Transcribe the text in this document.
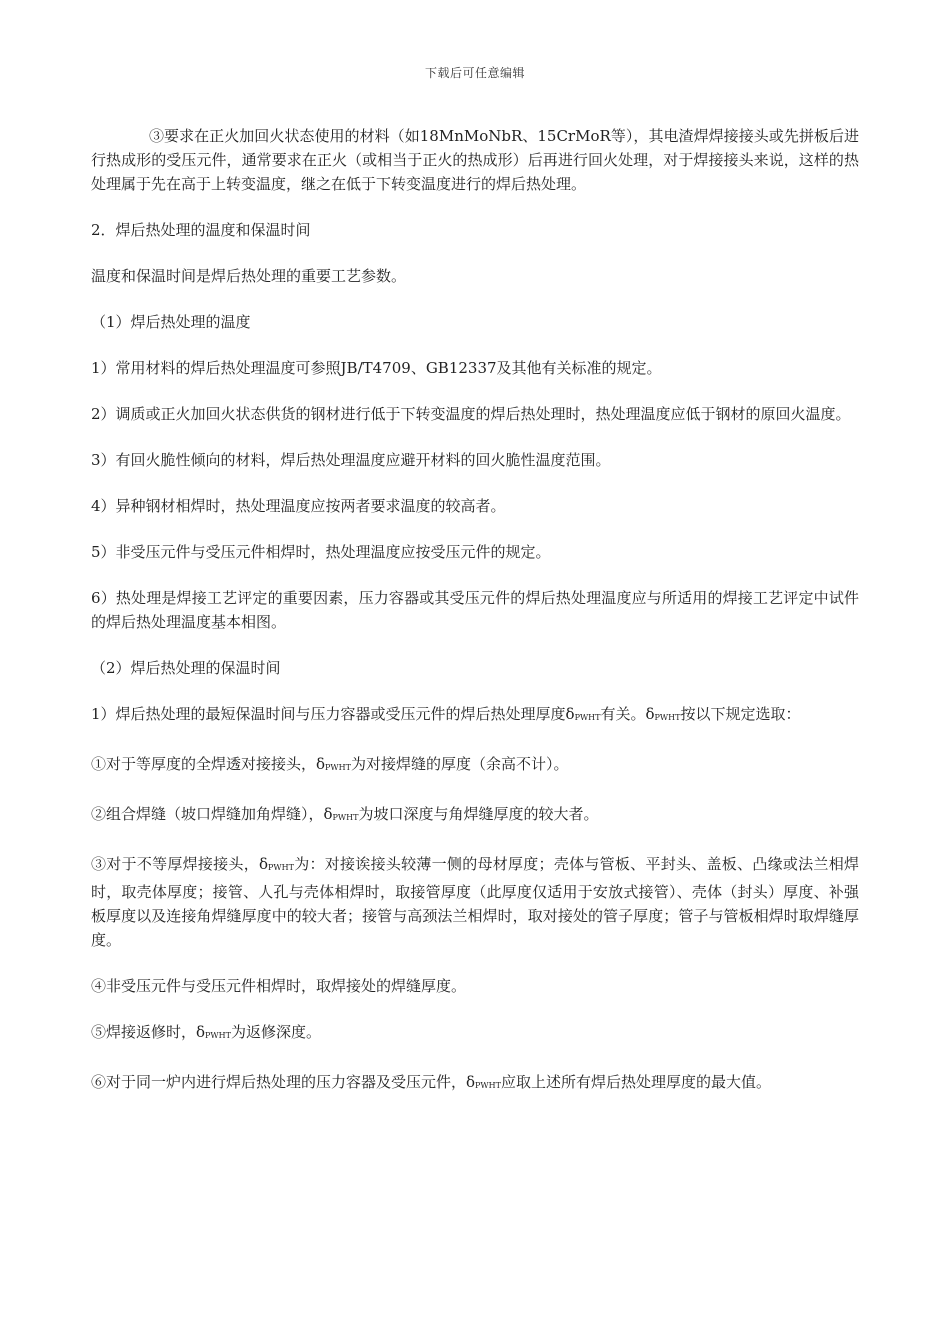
下载后可任意编辑

③要求在正火加回火状态使用的材料（如18MnMoNbR、15CrMoR等），其电渣焊焊接接头或先拼板后进行热成形的受压元件，通常要求在正火（或相当于正火的热成形）后再进行回火处理，对于焊接接头来说，这样的热处理属于先在高于上转变温度，继之在低于下转变温度进行的焊后热处理。

2．焊后热处理的温度和保温时间

温度和保温时间是焊后热处理的重要工艺参数。

（1）焊后热处理的温度

1）常用材料的焊后热处理温度可参照JB/T4709、GB12337及其他有关标准的规定。

2）调质或正火加回火状态供货的钢材进行低于下转变温度的焊后热处理时，热处理温度应低于钢材的原回火温度。

3）有回火脆性倾向的材料，焊后热处理温度应避开材料的回火脆性温度范围。

4）异种钢材相焊时，热处理温度应按两者要求温度的较高者。

5）非受压元件与受压元件相焊时，热处理温度应按受压元件的规定。

6）热处理是焊接工艺评定的重要因素，压力容器或其受压元件的焊后热处理温度应与所适用的焊接工艺评定中试件的焊后热处理温度基本相图。

（2）焊后热处理的保温时间

1）焊后热处理的最短保温时间与压力容器或受压元件的焊后热处理厚度δPWHT有关。δPWHT按以下规定选取：

①对于等厚度的全焊透对接接头，δPWHT为对接焊缝的厚度（余高不计）。

②组合焊缝（坡口焊缝加角焊缝），δPWHT为坡口深度与角焊缝厚度的较大者。

③对于不等厚焊接接头，δPWHT为：对接诶接头较薄一侧的母材厚度；壳体与管板、平封头、盖板、凸缘或法兰相焊时，取壳体厚度；接管、人孔与壳体相焊时，取接管厚度（此厚度仅适用于安放式接管）、壳体（封头）厚度、补强板厚度以及连接角焊缝厚度中的较大者；接管与高颈法兰相焊时，取对接处的管子厚度；管子与管板相焊时取焊缝厚度。

④非受压元件与受压元件相焊时，取焊接处的焊缝厚度。

⑤焊接返修时，δPWHT为返修深度。

⑥对于同一炉内进行焊后热处理的压力容器及受压元件，δPWHT应取上述所有焊后热处理厚度的最大值。
